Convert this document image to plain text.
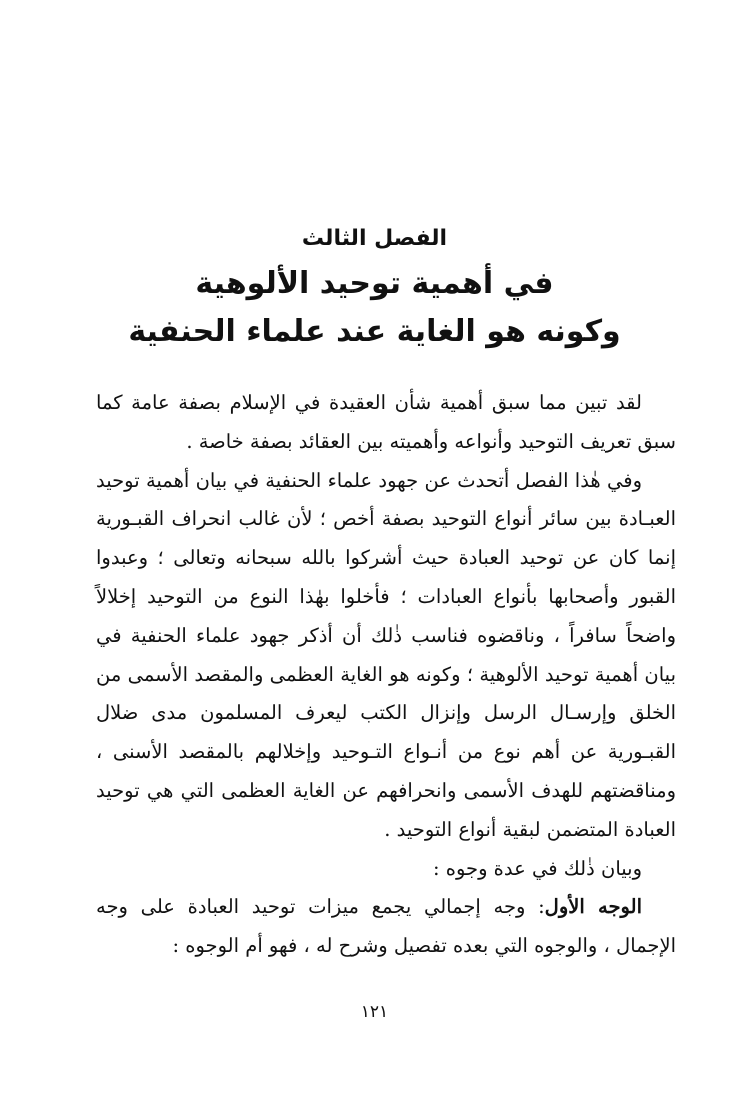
الفصل الثالث
في أهمية توحيد الألوهية
وكونه هو الغاية عند علماء الحنفية

لقد تبين مما سبق أهمية شأن العقيدة في الإسلام بصفة عامة كما سبق تعريف التوحيد وأنواعه وأهميته بين العقائد بصفة خاصة .

وفي هٰذا الفصل أتحدث عن جهود علماء الحنفية في بيان أهمية توحيد العبـادة بين سائر أنواع التوحيد بصفة أخص ؛ لأن غالب انحراف القبـورية إنما كان عن توحيد العبادة حيث أشركوا بالله سبحانه وتعالى ؛ وعبدوا القبور وأصحابها بأنواع العبادات ؛ فأخلوا بهٰذا النوع من التوحيد إخلالاً واضحاً سافراً ، وناقضوه فناسب ذٰلك أن أذكر جهود علماء الحنفية في بيان أهمية توحيد الألوهية ؛ وكونه هو الغاية العظمى والمقصد الأسمى من الخلق وإرسـال الرسل وإنزال الكتب ليعرف المسلمون مدى ضلال القبـورية عن أهم نوع من أنـواع التـوحيد وإخلالهم بالمقصد الأسنى ، ومناقضتهم للهدف الأسمى وانحرافهم عن الغاية العظمى التي هي توحيد العبادة المتضمن لبقية أنواع التوحيد .

وبيان ذٰلك في عدة وجوه :

الوجه الأول: وجه إجمالي يجمع ميزات توحيد العبادة على وجه الإجمال ، والوجوه التي بعده تفصيل وشرح له ، فهو أم الوجوه :

١٢١
